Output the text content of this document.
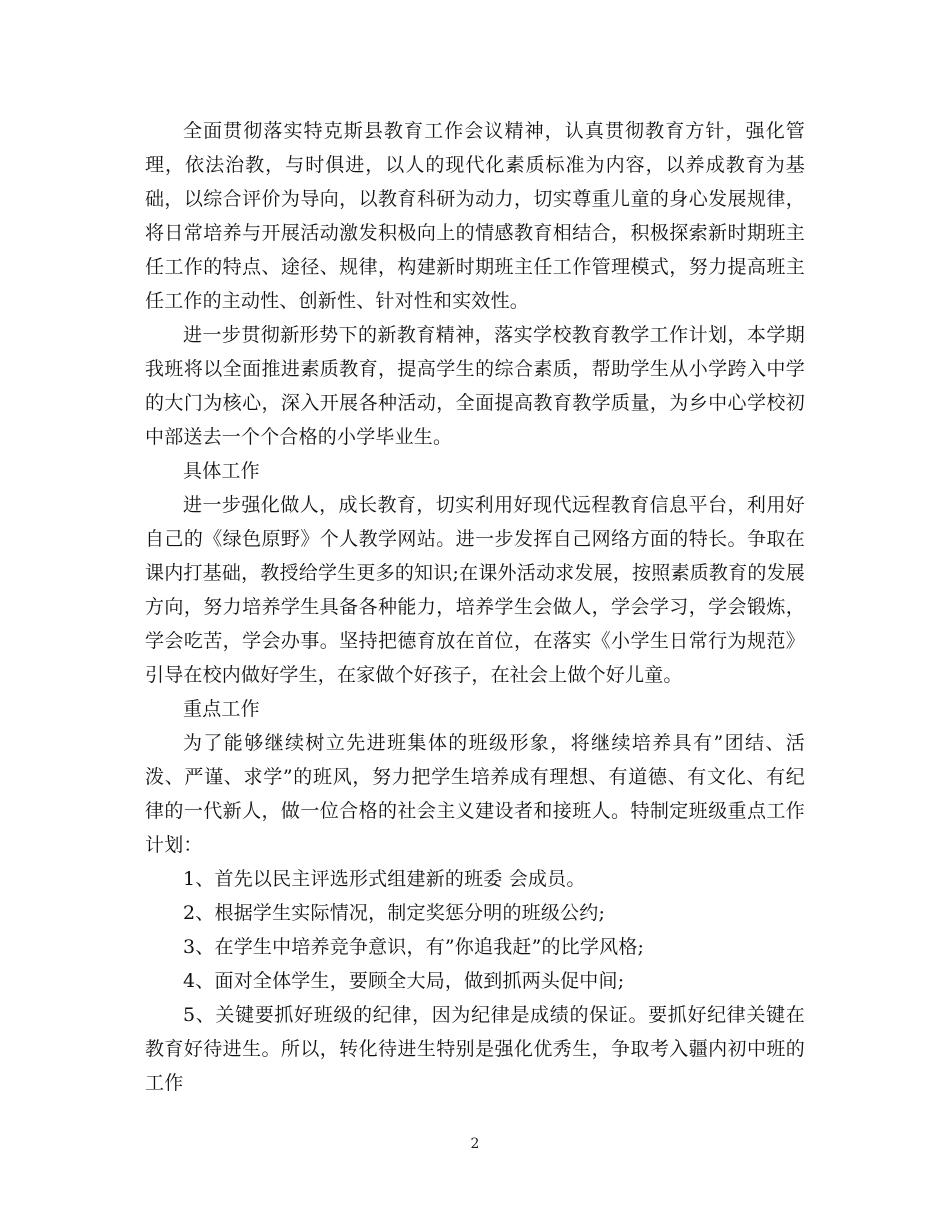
全面贯彻落实特克斯县教育工作会议精神，认真贯彻教育方针，强化管理，依法治教，与时俱进，以人的现代化素质标准为内容，以养成教育为基础，以综合评价为导向，以教育科研为动力，切实尊重儿童的身心发展规律，将日常培养与开展活动激发积极向上的情感教育相结合，积极探索新时期班主任工作的特点、途径、规律，构建新时期班主任工作管理模式，努力提高班主任工作的主动性、创新性、针对性和实效性。

进一步贯彻新形势下的新教育精神，落实学校教育教学工作计划，本学期我班将以全面推进素质教育，提高学生的综合素质，帮助学生从小学跨入中学的大门为核心，深入开展各种活动，全面提高教育教学质量，为乡中心学校初中部送去一个个合格的小学毕业生。

具体工作

进一步强化做人，成长教育，切实利用好现代远程教育信息平台，利用好自己的《绿色原野》个人教学网站。进一步发挥自己网络方面的特长。争取在课内打基础，教授给学生更多的知识;在课外活动求发展，按照素质教育的发展方向，努力培养学生具备各种能力，培养学生会做人，学会学习，学会锻炼，学会吃苦，学会办事。坚持把德育放在首位，在落实《小学生日常行为规范》引导在校内做好学生，在家做个好孩子，在社会上做个好儿童。

重点工作

为了能够继续树立先进班集体的班级形象，将继续培养具有”团结、活泼、严谨、求学”的班风，努力把学生培养成有理想、有道德、有文化、有纪律的一代新人，做一位合格的社会主义建设者和接班人。特制定班级重点工作计划：

1、首先以民主评选形式组建新的班委 会成员。

2、根据学生实际情况，制定奖惩分明的班级公约;

3、在学生中培养竞争意识，有”你追我赶”的比学风格;

4、面对全体学生，要顾全大局，做到抓两头促中间;

5、关键要抓好班级的纪律，因为纪律是成绩的保证。要抓好纪律关键在教育好待进生。所以，转化待进生特别是强化优秀生，争取考入疆内初中班的工作

2
